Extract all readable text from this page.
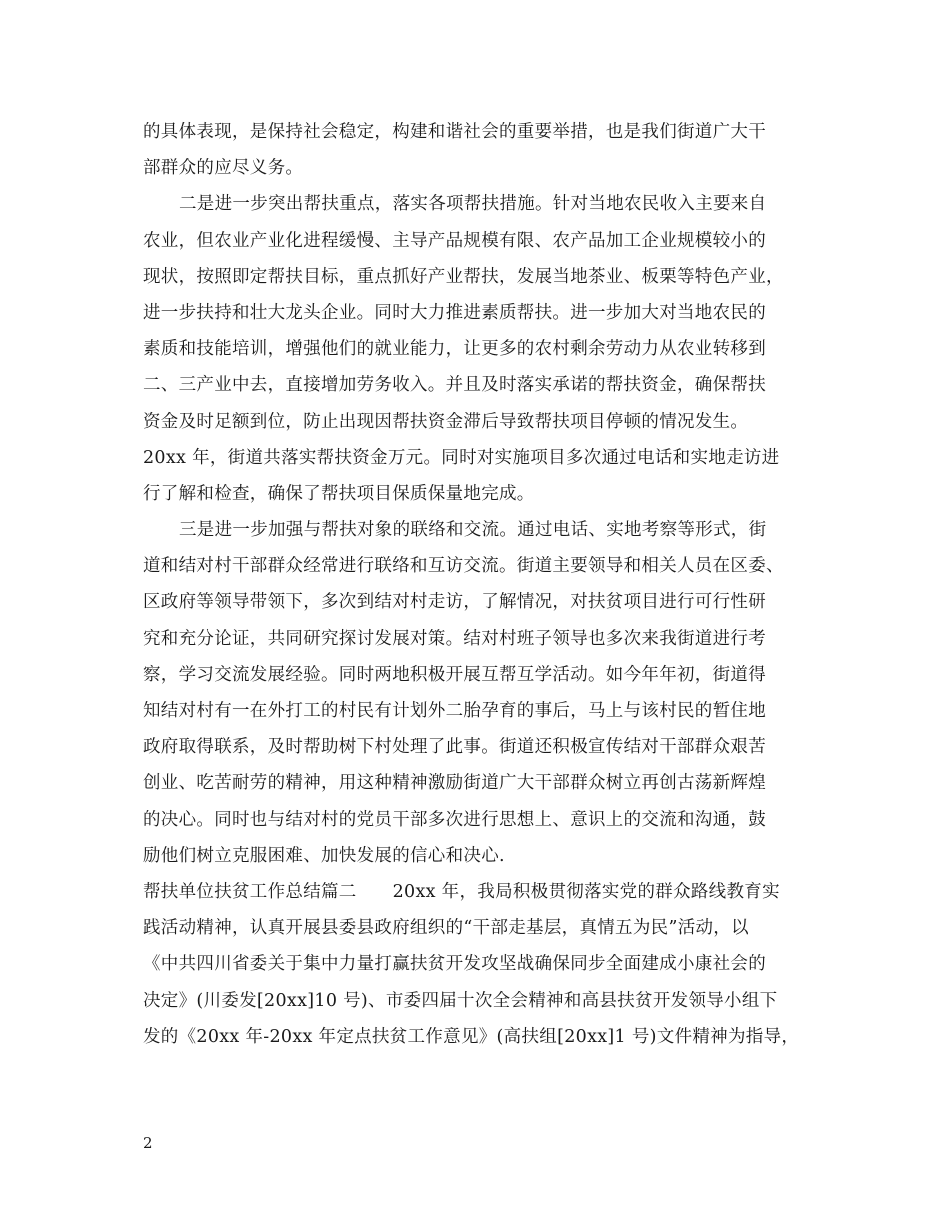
的具体表现，是保持社会稳定，构建和谐社会的重要举措，也是我们街道广大干
部群众的应尽义务。
二是进一步突出帮扶重点，落实各项帮扶措施。针对当地农民收入主要来自
农业，但农业产业化进程缓慢、主导产品规模有限、农产品加工企业规模较小的
现状，按照即定帮扶目标，重点抓好产业帮扶，发展当地茶业、板栗等特色产业，
进一步扶持和壮大龙头企业。同时大力推进素质帮扶。进一步加大对当地农民的
素质和技能培训，增强他们的就业能力，让更多的农村剩余劳动力从农业转移到
二、三产业中去，直接增加劳务收入。并且及时落实承诺的帮扶资金，确保帮扶
资金及时足额到位，防止出现因帮扶资金滞后导致帮扶项目停顿的情况发生。
20xx 年，街道共落实帮扶资金万元。同时对实施项目多次通过电话和实地走访进
行了解和检查，确保了帮扶项目保质保量地完成。
三是进一步加强与帮扶对象的联络和交流。通过电话、实地考察等形式，街
道和结对村干部群众经常进行联络和互访交流。街道主要领导和相关人员在区委、
区政府等领导带领下，多次到结对村走访，了解情况，对扶贫项目进行可行性研
究和充分论证，共同研究探讨发展对策。结对村班子领导也多次来我街道进行考
察，学习交流发展经验。同时两地积极开展互帮互学活动。如今年年初，街道得
知结对村有一在外打工的村民有计划外二胎孕育的事后，马上与该村民的暂住地
政府取得联系，及时帮助树下村处理了此事。街道还积极宣传结对干部群众艰苦
创业、吃苦耐劳的精神，用这种精神激励街道广大干部群众树立再创古荡新辉煌
的决心。同时也与结对村的党员干部多次进行思想上、意识上的交流和沟通，鼓
励他们树立克服困难、加快发展的信心和决心.
帮扶单位扶贫工作总结篇二 20xx 年，我局积极贯彻落实党的群众路线教育实
践活动精神，认真开展县委县政府组织的“干部走基层，真情五为民”活动，以
《中共四川省委关于集中力量打赢扶贫开发攻坚战确保同步全面建成小康社会的
决定》(川委发[20xx]10 号)、市委四届十次全会精神和高县扶贫开发领导小组下
发的《20xx 年-20xx 年定点扶贫工作意见》(高扶组[20xx]1 号)文件精神为指导，
2
